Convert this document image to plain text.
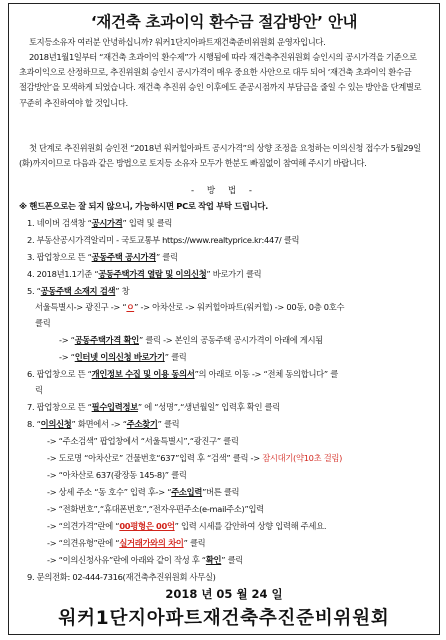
‘재건축 초과이익 환수금 절감방안’ 안내
토지등소유자 여러분 안녕하십니까? 워커1단지아파트재건축준비위원회 운영자입니다.
2018년1월1일부터 “재건축 초과이익 환수제”가 시행됨에 따라 재건축추진위원회 승인시의 공시가격을 기준으로 초과이익으로 산정하므로, 추진위원회 승인시 공시가격이 매우 중요한 사안으로 대두 되어 ‘재건축 초과이익 환수금 절감방안’을 모색하게 되었습니다. 재건축 추진위 승인 이후에도 준공시점까지 부담금을 줄일 수 있는 방안을 단계별로 꾸준히 추진하여야 할 것입니다.
첫 단계로 추진위원회 승인전 “2018년 워커힐아파트 공시가격”의 상향 조정을 요청하는 이의신청 접수가 5월29일(화)까지이므로 다음과 같은 방법으로 토지등 소유자 모두가 한분도 빠짐없이 참여해 주시기 바랍니다.
- 방 법 -
※ 핸드폰으로는 잘 되지 않으니, 가능하시면 PC로 작업 부탁 드립니다.
1. 네이버 검색창 “공시가격” 입력 및 클릭
2. 부동산공시가격알리미 - 국토교통부 https://www.realtyprice.kr:447/ 클릭
3. 팝업창으로 뜬 “공동주택 공시가격” 클릭
4. 2018년1.1기준 “공동주택가격 열람 및 이의신청” 바로가기 클릭
5. “공동주택 소재지 검색” 창
서울특별시-> 광진구 -> “ㅇ” -> 아차산로 -> 워커힐아파트(워커힐) -> 00동, 0층 0호수
클릭
-> “공동주택가격 확인” 클릭 -> 본인의 공동주택 공시가격이 아래에 게시됨
-> “인터넷 이의신청 바로가기” 클릭
6. 팝업창으로 뜬 “개인정보 수집 및 이용 동의서”의 아래로 이동 -> “전체 동의합니다” 클
릭
7. 팝업창으로 뜬 “필수입력정보” 에 “성명”,“생년월일” 입력후 확인 클릭
8. “이의신청” 화면에서 -> “주소찾기” 클릭
-> “주소검색” 팝업창에서 “서울특별시”,“광진구” 클릭
-> 도로명 “아차산로” 건물번호“637”입력 후 “검색” 클릭 -> 잠시대기(약10초 걸림)
-> “아차산로 637(광장동 145-8)” 클릭
-> 상세 주소 “동 호수” 입력 후-> “주소입력”버튼 클릭
-> “전화번호”,“휴대폰번호”,“전자우편주소(e-mail주소)”입력
-> “의견가격”란에 “00평형은 00억” 입력 시세를 감안하여 상향 입력해 주세요.
-> “의견유형”란에 “실거래가와의 차이” 클릭
-> “이의신청사유”란에 아래와 같이 작성 후 “확인” 클릭
9. 문의전화: 02-444-7316(재건축추진위원회 사무실)
2018 년 05 월 24 일
워커1단지아파트재건축추진준비위원회
